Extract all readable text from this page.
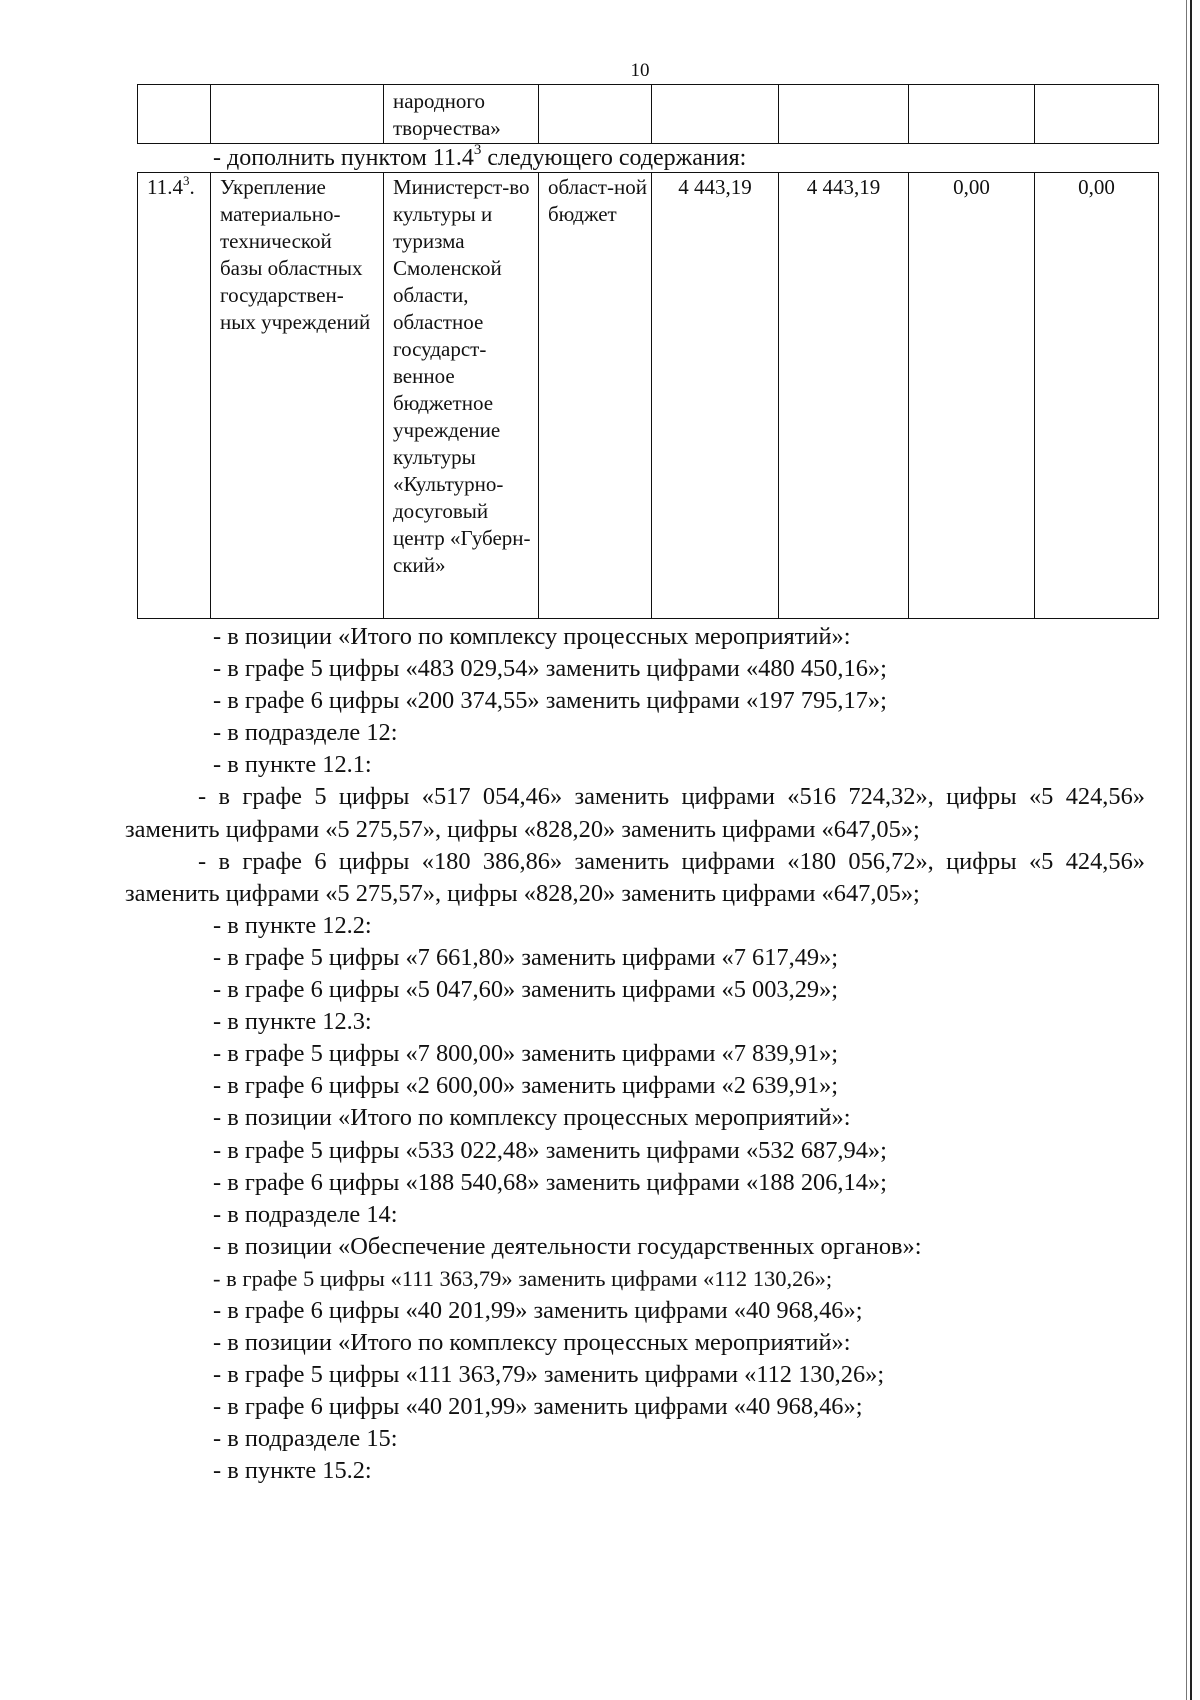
10
		народного творчества»					
- дополнить пунктом 11.4$^3$ следующего содержания:
11.4$^3$.	Укрепление материально-технической базы областных государствен-ных учреждений	Министерст-во культуры и туризма Смоленской области, областное государст-венное бюджетное учреждение культуры «Культурно-досуговый центр «Губерн-ский»	област-ной бюджет	4 443,19	4 443,19	0,00	0,00

- в позиции «Итого по комплексу процессных мероприятий»:

- в графе 5 цифры «483 029,54» заменить цифрами «480 450,16»;

- в графе 6 цифры «200 374,55» заменить цифрами «197 795,17»;

- в подразделе 12:

- в пункте 12.1:

- в графе 5 цифры «517 054,46» заменить цифрами «516 724,32», цифры «5 424,56» заменить цифрами «5 275,57», цифры «828,20» заменить цифрами «647,05»;

- в графе 6 цифры «180 386,86» заменить цифрами «180 056,72», цифры «5 424,56» заменить цифрами «5 275,57», цифры «828,20» заменить цифрами «647,05»;

- в пункте 12.2:

- в графе 5 цифры «7 661,80» заменить цифрами «7 617,49»;

- в графе 6 цифры «5 047,60» заменить цифрами «5 003,29»;

- в пункте 12.3:

- в графе 5 цифры «7 800,00» заменить цифрами «7 839,91»;

- в графе 6 цифры «2 600,00» заменить цифрами «2 639,91»;

- в позиции «Итого по комплексу процессных мероприятий»:

- в графе 5 цифры «533 022,48» заменить цифрами «532 687,94»;

- в графе 6 цифры «188 540,68» заменить цифрами «188 206,14»;

- в подразделе 14:

- в позиции «Обеспечение деятельности государственных органов»:

- в графе 5 цифры «111 363,79» заменить цифрами «112 130,26»;

- в графе 6 цифры «40 201,99» заменить цифрами «40 968,46»;

- в позиции «Итого по комплексу процессных мероприятий»:

- в графе 5 цифры «111 363,79» заменить цифрами «112 130,26»;

- в графе 6 цифры «40 201,99» заменить цифрами «40 968,46»;

- в подразделе 15:

- в пункте 15.2:
